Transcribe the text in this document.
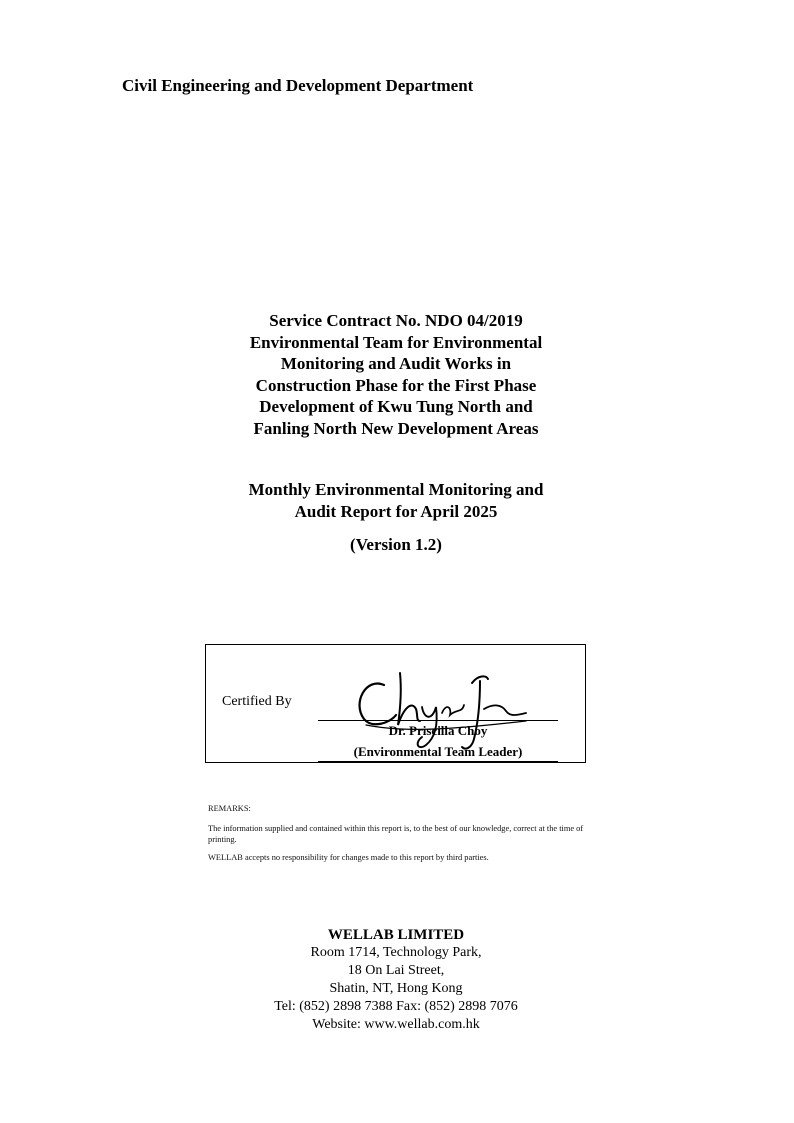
Civil Engineering and Development Department
Service Contract No. NDO 04/2019
Environmental Team for Environmental
Monitoring and Audit Works in
Construction Phase for the First Phase
Development of Kwu Tung North and
Fanling North New Development Areas
Monthly Environmental Monitoring and
Audit Report for April 2025
(Version 1.2)
Certified By
Dr. Priscilla Choy
(Environmental Team Leader)

REMARKS:

The information supplied and contained within this report is, to the best of our knowledge, correct at the time of printing.

WELLAB accepts no responsibility for changes made to this report by third parties.

WELLAB LIMITED
Room 1714, Technology Park,
18 On Lai Street,
Shatin, NT, Hong Kong
Tel: (852) 2898 7388 Fax: (852) 2898 7076
Website: www.wellab.com.hk
